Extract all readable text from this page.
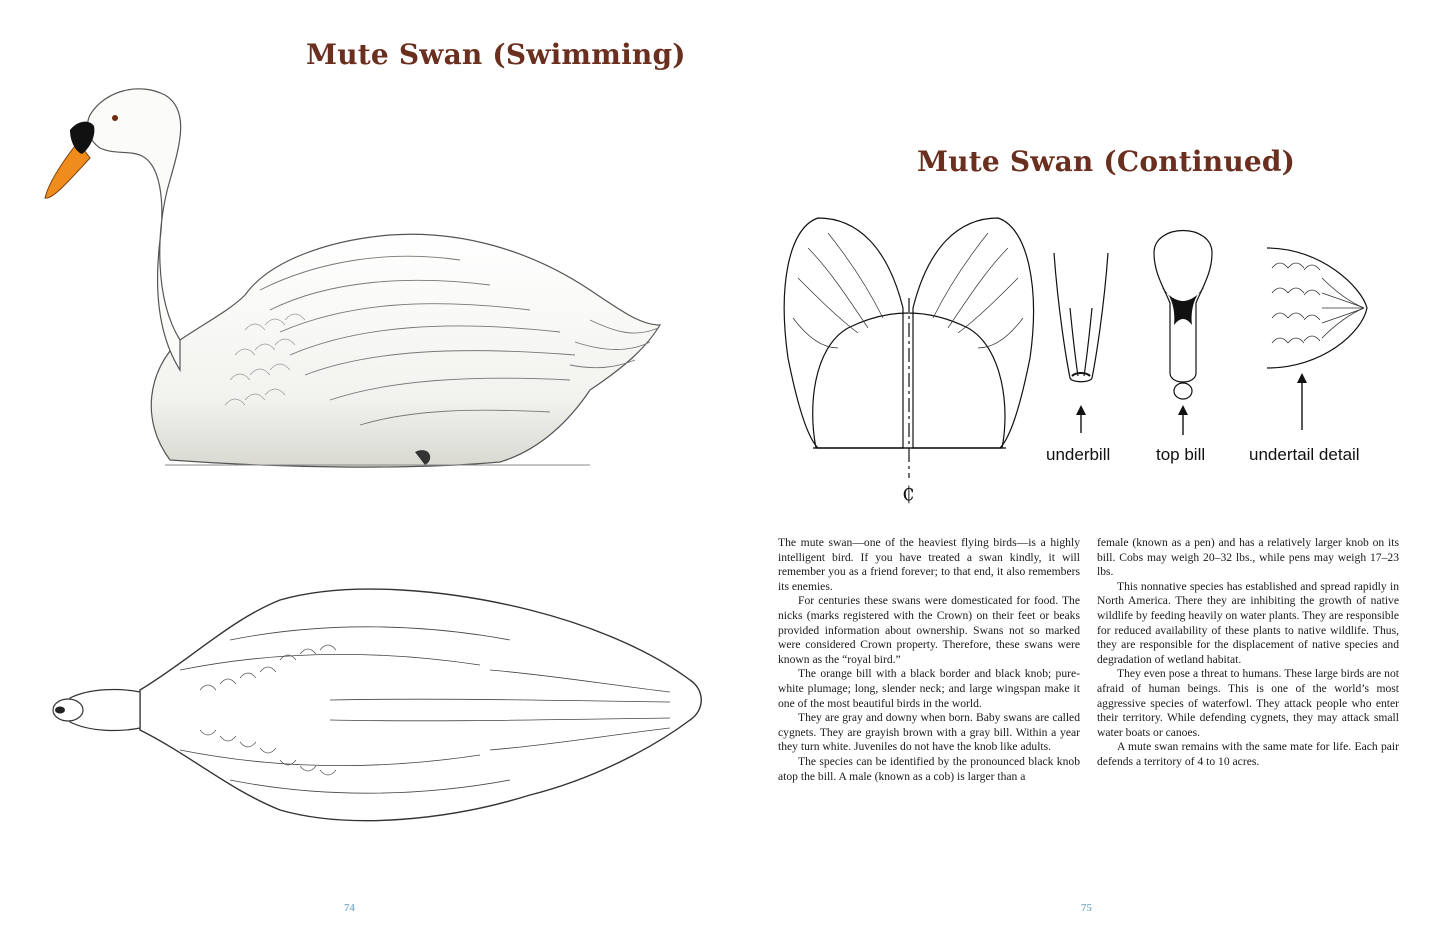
Mute Swan (Swimming)
74
Mute Swan (Continued)
₵
underbill	top bill	undertail detail

The mute swan—one of the heaviest flying birds—is a highly intelligent bird. If you have treated a swan kindly, it will remember you as a friend forever; to that end, it also remembers its enemies.

For centuries these swans were domesticated for food. The nicks (marks registered with the Crown) on their feet or beaks provided information about ownership. Swans not so marked were considered Crown property. Therefore, these swans were known as the “royal bird.”

The orange bill with a black border and black knob; pure-white plumage; long, slender neck; and large wingspan make it one of the most beautiful birds in the world.

They are gray and downy when born. Baby swans are called cygnets. They are grayish brown with a gray bill. Within a year they turn white. Juveniles do not have the knob like adults.

The species can be identified by the pronounced black knob atop the bill. A male (known as a cob) is larger than a

female (known as a pen) and has a relatively larger knob on its bill. Cobs may weigh 20–32 lbs., while pens may weigh 17–23 lbs.

This nonnative species has established and spread rapidly in North America. There they are inhibiting the growth of native wildlife by feeding heavily on water plants. They are responsible for reduced availability of these plants to native wildlife. Thus, they are responsible for the displacement of native species and degradation of wetland habitat.

They even pose a threat to humans. These large birds are not afraid of human beings. This is one of the world’s most aggressive species of waterfowl. They attack people who enter their territory. While defending cygnets, they may attack small water boats or canoes.

A mute swan remains with the same mate for life. Each pair defends a territory of 4 to 10 acres.

75
